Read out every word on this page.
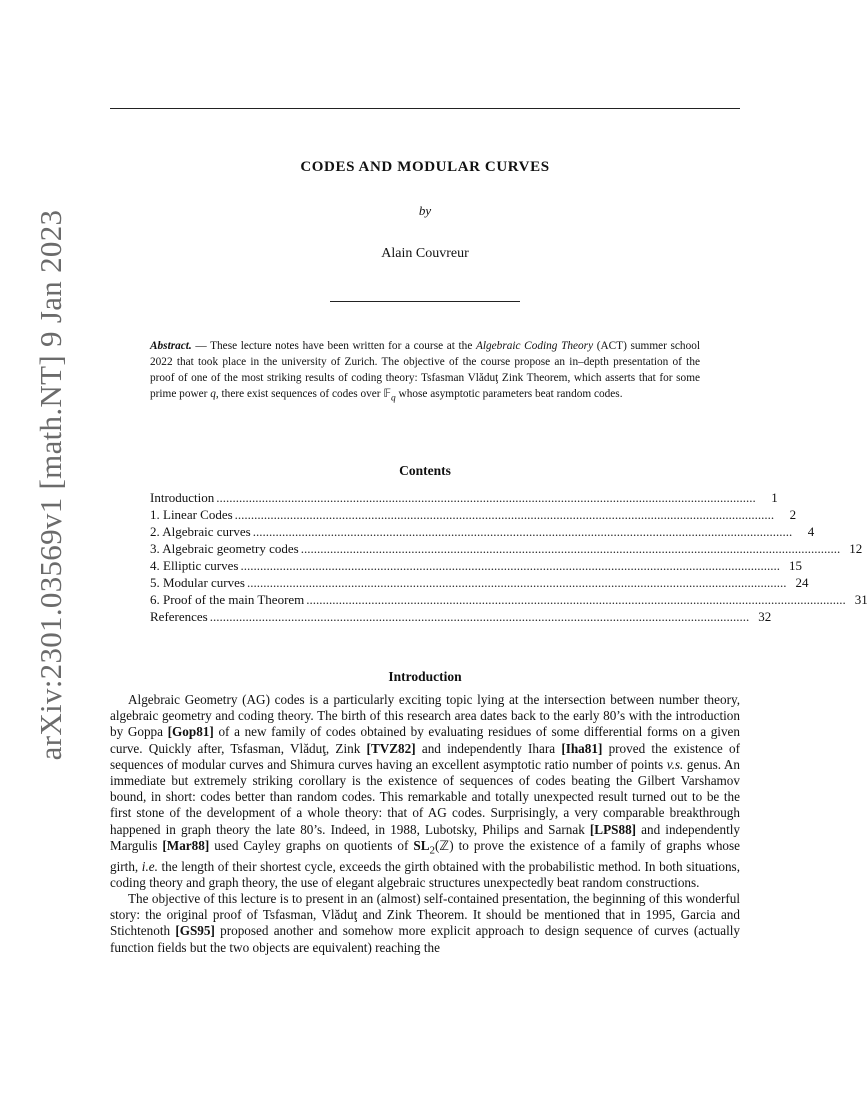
arXiv:2301.03569v1 [math.NT] 9 Jan 2023
CODES AND MODULAR CURVES
by
Alain Couvreur
Abstract. — These lecture notes have been written for a course at the Algebraic Coding Theory (ACT) summer school 2022 that took place in the university of Zurich. The objective of the course propose an in–depth presentation of the proof of one of the most striking results of coding theory: Tsfasman Vlăduţ Zink Theorem, which asserts that for some prime power q, there exist sequences of codes over 𝔽$_q$ whose asymptotic parameters beat random codes.
Contents
Introduction ......................................................................................................................................................................	1
1. Linear Codes ......................................................................................................................................................................	2
2. Algebraic curves ......................................................................................................................................................................	4
3. Algebraic geometry codes ...................................................................................................................................................................... 12
4. Elliptic curves ...................................................................................................................................................................... 15
5. Modular curves ...................................................................................................................................................................... 24
6. Proof of the main Theorem ...................................................................................................................................................................... 31
References ...................................................................................................................................................................... 32
Introduction

Algebraic Geometry (AG) codes is a particularly exciting topic lying at the intersection between number theory, algebraic geometry and coding theory. The birth of this research area dates back to the early 80’s with the introduction by Goppa [Gop81] of a new family of codes obtained by evaluating residues of some differential forms on a given curve. Quickly after, Tsfasman, Vlăduţ, Zink [TVZ82] and independently Ihara [Iha81] proved the existence of sequences of modular curves and Shimura curves having an excellent asymptotic ratio number of points v.s. genus. An immediate but extremely striking corollary is the existence of sequences of codes beating the Gilbert Varshamov bound, in short: codes better than random codes. This remarkable and totally unexpected result turned out to be the first stone of the development of a whole theory: that of AG codes. Surprisingly, a very comparable breakthrough happened in graph theory the late 80’s. Indeed, in 1988, Lubotsky, Philips and Sarnak [LPS88] and independently Margulis [Mar88] used Cayley graphs on quotients of $SL_2(ℤ)$ to prove the existence of a family of graphs whose girth, i.e. the length of their shortest cycle, exceeds the girth obtained with the probabilistic method. In both situations, coding theory and graph theory, the use of elegant algebraic structures unexpectedly beat random constructions.

The objective of this lecture is to present in an (almost) self-contained presentation, the beginning of this wonderful story: the original proof of Tsfasman, Vlăduţ and Zink Theorem. It should be mentioned that in 1995, Garcia and Stichtenoth [GS95] proposed another and somehow more explicit approach to design sequence of curves (actually function fields but the two objects are equivalent) reaching the
